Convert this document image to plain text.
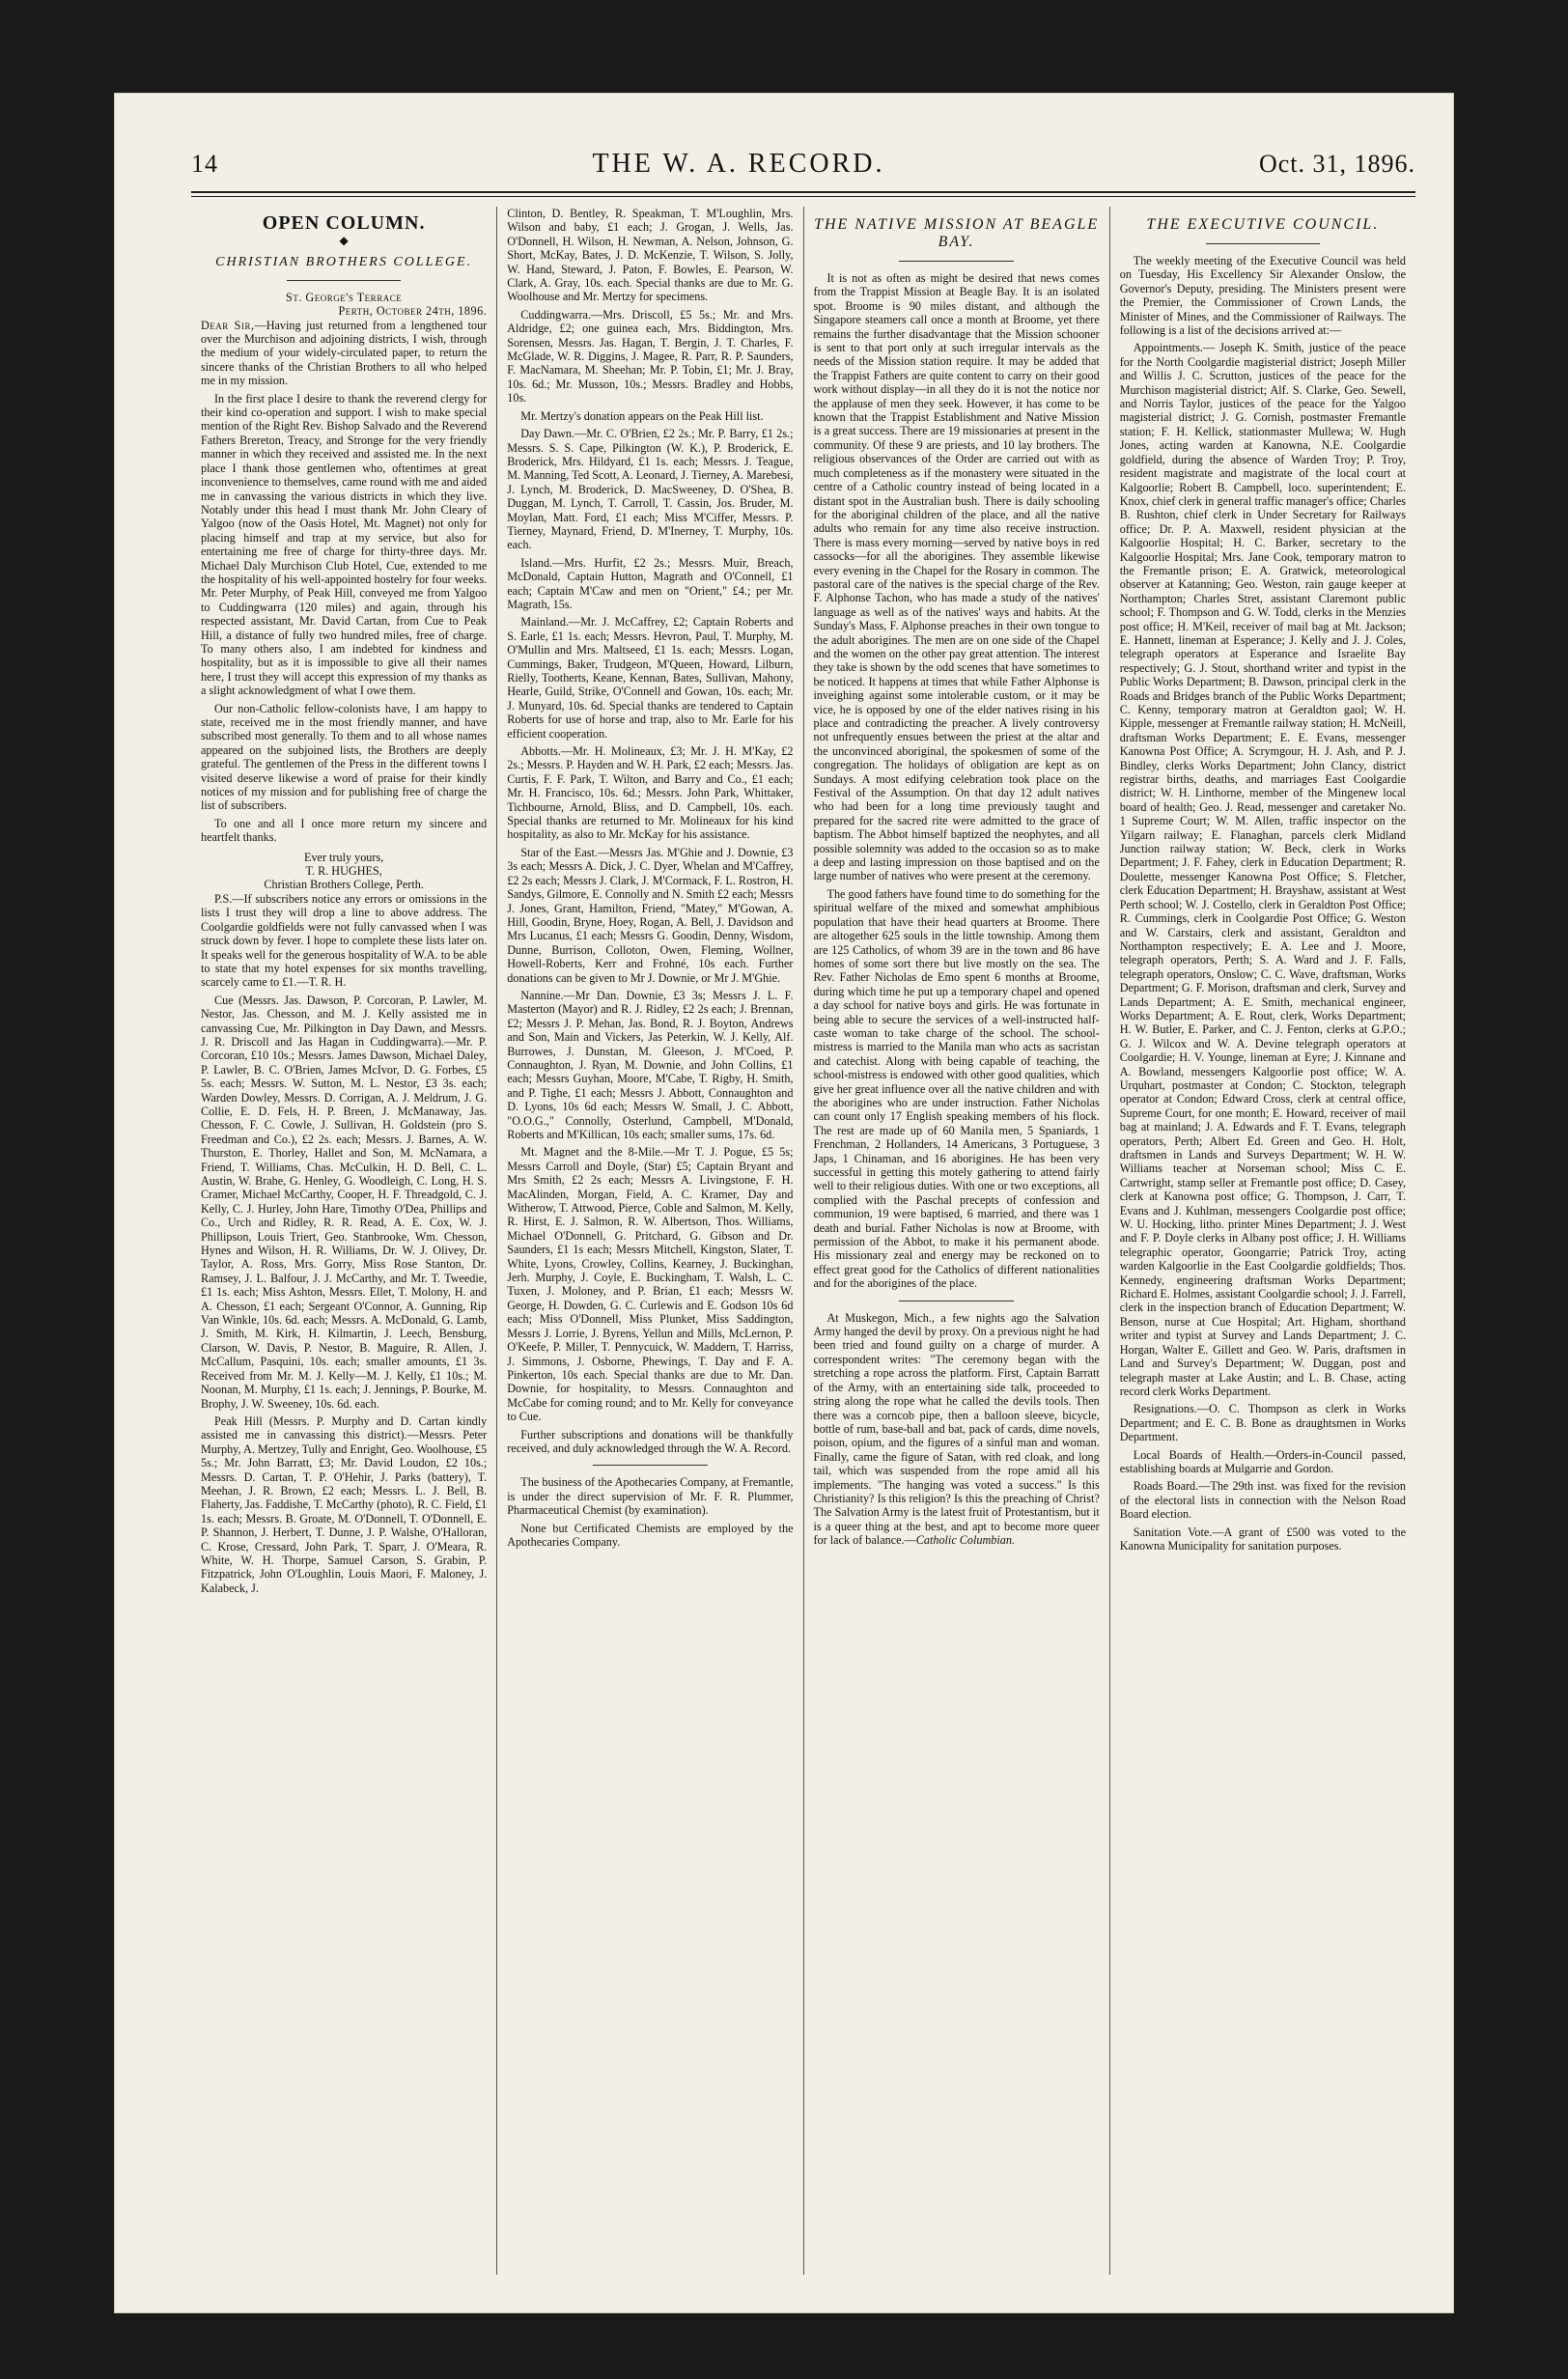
14	THE W. A. RECORD.	Oct. 31, 1896.
OPEN COLUMN.
◆
CHRISTIAN BROTHERS COLLEGE.
St. George's Terrace
Perth, October 24th, 1896.

Dear Sir,—Having just returned from a lengthened tour over the Murchison and adjoining districts, I wish, through the medium of your widely-circulated paper, to return the sincere thanks of the Christian Brothers to all who helped me in my mission.

In the first place I desire to thank the reverend clergy for their kind co-operation and support. I wish to make special mention of the Right Rev. Bishop Salvado and the Reverend Fathers Brereton, Treacy, and Stronge for the very friendly manner in which they received and assisted me. In the next place I thank those gentlemen who, oftentimes at great inconvenience to themselves, came round with me and aided me in canvassing the various districts in which they live. Notably under this head I must thank Mr. John Cleary of Yalgoo (now of the Oasis Hotel, Mt. Magnet) not only for placing himself and trap at my service, but also for entertaining me free of charge for thirty-three days. Mr. Michael Daly Murchison Club Hotel, Cue, extended to me the hospitality of his well-appointed hostelry for four weeks. Mr. Peter Murphy, of Peak Hill, conveyed me from Yalgoo to Cuddingwarra (120 miles) and again, through his respected assistant, Mr. David Cartan, from Cue to Peak Hill, a distance of fully two hundred miles, free of charge. To many others also, I am indebted for kindness and hospitality, but as it is impossible to give all their names here, I trust they will accept this expression of my thanks as a slight acknowledgment of what I owe them.

Our non-Catholic fellow-colonists have, I am happy to state, received me in the most friendly manner, and have subscribed most generally. To them and to all whose names appeared on the subjoined lists, the Brothers are deeply grateful. The gentlemen of the Press in the different towns I visited deserve likewise a word of praise for their kindly notices of my mission and for publishing free of charge the list of subscribers.

To one and all I once more return my sincere and heartfelt thanks.

Ever truly yours,
T. R. HUGHES,
Christian Brothers College, Perth.

P.S.—If subscribers notice any errors or omissions in the lists I trust they will drop a line to above address. The Coolgardie goldfields were not fully canvassed when I was struck down by fever. I hope to complete these lists later on. It speaks well for the generous hospitality of W.A. to be able to state that my hotel expenses for six months travelling, scarcely came to £1.—T. R. H.

Cue (Messrs. Jas. Dawson, P. Corcoran, P. Lawler, M. Nestor, Jas. Chesson, and M. J. Kelly assisted me in canvassing Cue, Mr. Pilkington in Day Dawn, and Messrs. J. R. Driscoll and Jas Hagan in Cuddingwarra).—Mr. P. Corcoran, £10 10s.; Messrs. James Dawson, Michael Daley, P. Lawler, B. C. O'Brien, James McIvor, D. G. Forbes, £5 5s. each; Messrs. W. Sutton, M. L. Nestor, £3 3s. each; Warden Dowley, Messrs. D. Corrigan, A. J. Meldrum, J. G. Collie, E. D. Fels, H. P. Breen, J. McManaway, Jas. Chesson, F. C. Cowle, J. Sullivan, H. Goldstein (pro S. Freedman and Co.), £2 2s. each; Messrs. J. Barnes, A. W. Thurston, E. Thorley, Hallet and Son, M. McNamara, a Friend, T. Williams, Chas. McCulkin, H. D. Bell, C. L. Austin, W. Brahe, G. Henley, G. Woodleigh, C. Long, H. S. Cramer, Michael McCarthy, Cooper, H. F. Threadgold, C. J. Kelly, C. J. Hurley, John Hare, Timothy O'Dea, Phillips and Co., Urch and Ridley, R. R. Read, A. E. Cox, W. J. Phillipson, Louis Triert, Geo. Stanbrooke, Wm. Chesson, Hynes and Wilson, H. R. Williams, Dr. W. J. Olivey, Dr. Taylor, A. Ross, Mrs. Gorry, Miss Rose Stanton, Dr. Ramsey, J. L. Balfour, J. J. McCarthy, and Mr. T. Tweedie, £1 1s. each; Miss Ashton, Messrs. Ellet, T. Molony, H. and A. Chesson, £1 each; Sergeant O'Connor, A. Gunning, Rip Van Winkle, 10s. 6d. each; Messrs. A. McDonald, G. Lamb, J. Smith, M. Kirk, H. Kilmartin, J. Leech, Bensburg, Clarson, W. Davis, P. Nestor, B. Maguire, R. Allen, J. McCallum, Pasquini, 10s. each; smaller amounts, £1 3s. Received from Mr. M. J. Kelly—M. J. Kelly, £1 10s.; M. Noonan, M. Murphy, £1 1s. each; J. Jennings, P. Bourke, M. Brophy, J. W. Sweeney, 10s. 6d. each.

Peak Hill (Messrs. P. Murphy and D. Cartan kindly assisted me in canvassing this district).—Messrs. Peter Murphy, A. Mertzey, Tully and Enright, Geo. Woolhouse, £5 5s.; Mr. John Barratt, £3; Mr. David Loudon, £2 10s.; Messrs. D. Cartan, T. P. O'Hehir, J. Parks (battery), T. Meehan, J. R. Brown, £2 each; Messrs. L. J. Bell, B. Flaherty, Jas. Faddishe, T. McCarthy (photo), R. C. Field, £1 1s. each; Messrs. B. Groate, M. O'Donnell, T. O'Donnell, E. P. Shannon, J. Herbert, T. Dunne, J. P. Walshe, O'Halloran, C. Krose, Cressard, John Park, T. Sparr, J. O'Meara, R. White, W. H. Thorpe, Samuel Carson, S. Grabin, P. Fitzpatrick, John O'Loughlin, Louis Maori, F. Maloney, J. Kalabeck, J.

Clinton, D. Bentley, R. Speakman, T. M'Loughlin, Mrs. Wilson and baby, £1 each; J. Grogan, J. Wells, Jas. O'Donnell, H. Wilson, H. Newman, A. Nelson, Johnson, G. Short, McKay, Bates, J. D. McKenzie, T. Wilson, S. Jolly, W. Hand, Steward, J. Paton, F. Bowles, E. Pearson, W. Clark, A. Gray, 10s. each. Special thanks are due to Mr. G. Woolhouse and Mr. Mertzy for specimens.

Cuddingwarra.—Mrs. Driscoll, £5 5s.; Mr. and Mrs. Aldridge, £2; one guinea each, Mrs. Biddington, Mrs. Sorensen, Messrs. Jas. Hagan, T. Bergin, J. T. Charles, F. McGlade, W. R. Diggins, J. Magee, R. Parr, R. P. Saunders, F. MacNamara, M. Sheehan; Mr. P. Tobin, £1; Mr. J. Bray, 10s. 6d.; Mr. Musson, 10s.; Messrs. Bradley and Hobbs, 10s.

Mr. Mertzy's donation appears on the Peak Hill list.

Day Dawn.—Mr. C. O'Brien, £2 2s.; Mr. P. Barry, £1 2s.; Messrs. S. S. Cape, Pilkington (W. K.), P. Broderick, E. Broderick, Mrs. Hildyard, £1 1s. each; Messrs. J. Teague, M. Manning, Ted Scott, A. Leonard, J. Tierney, A. Marebesi, J. Lynch, M. Broderick, D. MacSweeney, D. O'Shea, B. Duggan, M. Lynch, T. Carroll, T. Cassin, Jos. Bruder, M. Moylan, Matt. Ford, £1 each; Miss M'Ciffer, Messrs. P. Tierney, Maynard, Friend, D. M'Inerney, T. Murphy, 10s. each.

Island.—Mrs. Hurfit, £2 2s.; Messrs. Muir, Breach, McDonald, Captain Hutton, Magrath and O'Connell, £1 each; Captain M'Caw and men on "Orient," £4.; per Mr. Magrath, 15s.

Mainland.—Mr. J. McCaffrey, £2; Captain Roberts and S. Earle, £1 1s. each; Messrs. Hevron, Paul, T. Murphy, M. O'Mullin and Mrs. Maltseed, £1 1s. each; Messrs. Logan, Cummings, Baker, Trudgeon, M'Queen, Howard, Lilburn, Rielly, Tootherts, Keane, Kennan, Bates, Sullivan, Mahony, Hearle, Guild, Strike, O'Connell and Gowan, 10s. each; Mr. J. Munyard, 10s. 6d. Special thanks are tendered to Captain Roberts for use of horse and trap, also to Mr. Earle for his efficient cooperation.

Abbotts.—Mr. H. Molineaux, £3; Mr. J. H. M'Kay, £2 2s.; Messrs. P. Hayden and W. H. Park, £2 each; Messrs. Jas. Curtis, F. F. Park, T. Wilton, and Barry and Co., £1 each; Mr. H. Francisco, 10s. 6d.; Messrs. John Park, Whittaker, Tichbourne, Arnold, Bliss, and D. Campbell, 10s. each. Special thanks are returned to Mr. Molineaux for his kind hospitality, as also to Mr. McKay for his assistance.

Star of the East.—Messrs Jas. M'Ghie and J. Downie, £3 3s each; Messrs A. Dick, J. C. Dyer, Whelan and M'Caffrey, £2 2s each; Messrs J. Clark, J. M'Cormack, F. L. Rostron, H. Sandys, Gilmore, E. Connolly and N. Smith £2 each; Messrs J. Jones, Grant, Hamilton, Friend, "Matey," M'Gowan, A. Hill, Goodin, Bryne, Hoey, Rogan, A. Bell, J. Davidson and Mrs Lucanus, £1 each; Messrs G. Goodin, Denny, Wisdom, Dunne, Burrison, Colloton, Owen, Fleming, Wollner, Howell-Roberts, Kerr and Frohné, 10s each. Further donations can be given to Mr J. Downie, or Mr J. M'Ghie.

Nannine.—Mr Dan. Downie, £3 3s; Messrs J. L. F. Masterton (Mayor) and R. J. Ridley, £2 2s each; J. Brennan, £2; Messrs J. P. Mehan, Jas. Bond, R. J. Boyton, Andrews and Son, Main and Vickers, Jas Peterkin, W. J. Kelly, Alf. Burrowes, J. Dunstan, M. Gleeson, J. M'Coed, P. Connaughton, J. Ryan, M. Downie, and John Collins, £1 each; Messrs Guyhan, Moore, M'Cabe, T. Rigby, H. Smith, and P. Tighe, £1 each; Messrs J. Abbott, Connaughton and D. Lyons, 10s 6d each; Messrs W. Small, J. C. Abbott, "O.O.G.," Connolly, Osterlund, Campbell, M'Donald, Roberts and M'Killican, 10s each; smaller sums, 17s. 6d.

Mt. Magnet and the 8-Mile.—Mr T. J. Pogue, £5 5s; Messrs Carroll and Doyle, (Star) £5; Captain Bryant and Mrs Smith, £2 2s each; Messrs A. Livingstone, F. H. MacAlinden, Morgan, Field, A. C. Kramer, Day and Witherow, T. Attwood, Pierce, Coble and Salmon, M. Kelly, R. Hirst, E. J. Salmon, R. W. Albertson, Thos. Williams, Michael O'Donnell, G. Pritchard, G. Gibson and Dr. Saunders, £1 1s each; Messrs Mitchell, Kingston, Slater, T. White, Lyons, Crowley, Collins, Kearney, J. Buckinghan, Jerh. Murphy, J. Coyle, E. Buckingham, T. Walsh, L. C. Tuxen, J. Moloney, and P. Brian, £1 each; Messrs W. George, H. Dowden, G. C. Curlewis and E. Godson 10s 6d each; Miss O'Donnell, Miss Plunket, Miss Saddington, Messrs J. Lorrie, J. Byrens, Yellun and Mills, McLernon, P. O'Keefe, P. Miller, T. Pennycuick, W. Maddern, T. Harriss, J. Simmons, J. Osborne, Phewings, T. Day and F. A. Pinkerton, 10s each. Special thanks are due to Mr. Dan. Downie, for hospitality, to Messrs. Connaughton and McCabe for coming round; and to Mr. Kelly for conveyance to Cue.

Further subscriptions and donations will be thankfully received, and duly acknowledged through the W. A. Record.

The business of the Apothecaries Company, at Fremantle, is under the direct supervision of Mr. F. R. Plummer, Pharmaceutical Chemist (by examination).

None but Certificated Chemists are employed by the Apothecaries Company.

THE NATIVE MISSION AT BEAGLE BAY.

It is not as often as might be desired that news comes from the Trappist Mission at Beagle Bay. It is an isolated spot. Broome is 90 miles distant, and although the Singapore steamers call once a month at Broome, yet there remains the further disadvantage that the Mission schooner is sent to that port only at such irregular intervals as the needs of the Mission station require. It may be added that the Trappist Fathers are quite content to carry on their good work without display—in all they do it is not the notice nor the applause of men they seek. However, it has come to be known that the Trappist Establishment and Native Mission is a great success. There are 19 missionaries at present in the community. Of these 9 are priests, and 10 lay brothers. The religious observances of the Order are carried out with as much completeness as if the monastery were situated in the centre of a Catholic country instead of being located in a distant spot in the Australian bush. There is daily schooling for the aboriginal children of the place, and all the native adults who remain for any time also receive instruction. There is mass every morning—served by native boys in red cassocks—for all the aborigines. They assemble likewise every evening in the Chapel for the Rosary in common. The pastoral care of the natives is the special charge of the Rev. F. Alphonse Tachon, who has made a study of the natives' language as well as of the natives' ways and habits. At the Sunday's Mass, F. Alphonse preaches in their own tongue to the adult aborigines. The men are on one side of the Chapel and the women on the other pay great attention. The interest they take is shown by the odd scenes that have sometimes to be noticed. It happens at times that while Father Alphonse is inveighing against some intolerable custom, or it may be vice, he is opposed by one of the elder natives rising in his place and contradicting the preacher. A lively controversy not unfrequently ensues between the priest at the altar and the unconvinced aboriginal, the spokesmen of some of the congregation. The holidays of obligation are kept as on Sundays. A most edifying celebration took place on the Festival of the Assumption. On that day 12 adult natives who had been for a long time previously taught and prepared for the sacred rite were admitted to the grace of baptism. The Abbot himself baptized the neophytes, and all possible solemnity was added to the occasion so as to make a deep and lasting impression on those baptised and on the large number of natives who were present at the ceremony.

The good fathers have found time to do something for the spiritual welfare of the mixed and somewhat amphibious population that have their head quarters at Broome. There are altogether 625 souls in the little township. Among them are 125 Catholics, of whom 39 are in the town and 86 have homes of some sort there but live mostly on the sea. The Rev. Father Nicholas de Emo spent 6 months at Broome, during which time he put up a temporary chapel and opened a day school for native boys and girls. He was fortunate in being able to secure the services of a well-instructed half-caste woman to take charge of the school. The school-mistress is married to the Manila man who acts as sacristan and catechist. Along with being capable of teaching, the school-mistress is endowed with other good qualities, which give her great influence over all the native children and with the aborigines who are under instruction. Father Nicholas can count only 17 English speaking members of his flock. The rest are made up of 60 Manila men, 5 Spaniards, 1 Frenchman, 2 Hollanders, 14 Americans, 3 Portuguese, 3 Japs, 1 Chinaman, and 16 aborigines. He has been very successful in getting this motely gathering to attend fairly well to their religious duties. With one or two exceptions, all complied with the Paschal precepts of confession and communion, 19 were baptised, 6 married, and there was 1 death and burial. Father Nicholas is now at Broome, with permission of the Abbot, to make it his permanent abode. His missionary zeal and energy may be reckoned on to effect great good for the Catholics of different nationalities and for the aborigines of the place.

At Muskegon, Mich., a few nights ago the Salvation Army hanged the devil by proxy. On a previous night he had been tried and found guilty on a charge of murder. A correspondent writes: "The ceremony began with the stretching a rope across the platform. First, Captain Barratt of the Army, with an entertaining side talk, proceeded to string along the rope what he called the devils tools. Then there was a corncob pipe, then a balloon sleeve, bicycle, bottle of rum, base-ball and bat, pack of cards, dime novels, poison, opium, and the figures of a sinful man and woman. Finally, came the figure of Satan, with red cloak, and long tail, which was suspended from the rope amid all his implements. "The hanging was voted a success." Is this Christianity? Is this religion? Is this the preaching of Christ? The Salvation Army is the latest fruit of Protestantism, but it is a queer thing at the best, and apt to become more queer for lack of balance.—Catholic Columbian.

THE EXECUTIVE COUNCIL.

The weekly meeting of the Executive Council was held on Tuesday, His Excellency Sir Alexander Onslow, the Governor's Deputy, presiding. The Ministers present were the Premier, the Commissioner of Crown Lands, the Minister of Mines, and the Commissioner of Railways. The following is a list of the decisions arrived at:—

Appointments.— Joseph K. Smith, justice of the peace for the North Coolgardie magisterial district; Joseph Miller and Willis J. C. Scrutton, justices of the peace for the Murchison magisterial district; Alf. S. Clarke, Geo. Sewell, and Norris Taylor, justices of the peace for the Yalgoo magisterial district; J. G. Cornish, postmaster Fremantle station; F. H. Kellick, stationmaster Mullewa; W. Hugh Jones, acting warden at Kanowna, N.E. Coolgardie goldfield, during the absence of Warden Troy; P. Troy, resident magistrate and magistrate of the local court at Kalgoorlie; Robert B. Campbell, loco. superintendent; E. Knox, chief clerk in general traffic manager's office; Charles B. Rushton, chief clerk in Under Secretary for Railways office; Dr. P. A. Maxwell, resident physician at the Kalgoorlie Hospital; H. C. Barker, secretary to the Kalgoorlie Hospital; Mrs. Jane Cook, temporary matron to the Fremantle prison; E. A. Gratwick, meteorological observer at Katanning; Geo. Weston, rain gauge keeper at Northampton; Charles Stret, assistant Claremont public school; F. Thompson and G. W. Todd, clerks in the Menzies post office; H. M'Keil, receiver of mail bag at Mt. Jackson; E. Hannett, lineman at Esperance; J. Kelly and J. J. Coles, telegraph operators at Esperance and Israelite Bay respectively; G. J. Stout, shorthand writer and typist in the Public Works Department; B. Dawson, principal clerk in the Roads and Bridges branch of the Public Works Department; C. Kenny, temporary matron at Geraldton gaol; W. H. Kipple, messenger at Fremantle railway station; H. McNeill, draftsman Works Department; E. E. Evans, messenger Kanowna Post Office; A. Scrymgour, H. J. Ash, and P. J. Bindley, clerks Works Department; John Clancy, district registrar births, deaths, and marriages East Coolgardie district; W. H. Linthorne, member of the Mingenew local board of health; Geo. J. Read, messenger and caretaker No. 1 Supreme Court; W. M. Allen, traffic inspector on the Yilgarn railway; E. Flanaghan, parcels clerk Midland Junction railway station; W. Beck, clerk in Works Department; J. F. Fahey, clerk in Education Department; R. Doulette, messenger Kanowna Post Office; S. Fletcher, clerk Education Department; H. Brayshaw, assistant at West Perth school; W. J. Costello, clerk in Geraldton Post Office; R. Cummings, clerk in Coolgardie Post Office; G. Weston and W. Carstairs, clerk and assistant, Geraldton and Northampton respectively; E. A. Lee and J. Moore, telegraph operators, Perth; S. A. Ward and J. F. Falls, telegraph operators, Onslow; C. C. Wave, draftsman, Works Department; G. F. Morison, draftsman and clerk, Survey and Lands Department; A. E. Smith, mechanical engineer, Works Department; A. E. Rout, clerk, Works Department; H. W. Butler, E. Parker, and C. J. Fenton, clerks at G.P.O.; G. J. Wilcox and W. A. Devine telegraph operators at Coolgardie; H. V. Younge, lineman at Eyre; J. Kinnane and A. Bowland, messengers Kalgoorlie post office; W. A. Urquhart, postmaster at Condon; C. Stockton, telegraph operator at Condon; Edward Cross, clerk at central office, Supreme Court, for one month; E. Howard, receiver of mail bag at mainland; J. A. Edwards and F. T. Evans, telegraph operators, Perth; Albert Ed. Green and Geo. H. Holt, draftsmen in Lands and Surveys Department; W. H. W. Williams teacher at Norseman school; Miss C. E. Cartwright, stamp seller at Fremantle post office; D. Casey, clerk at Kanowna post office; G. Thompson, J. Carr, T. Evans and J. Kuhlman, messengers Coolgardie post office; W. U. Hocking, litho. printer Mines Department; J. J. West and F. P. Doyle clerks in Albany post office; J. H. Williams telegraphic operator, Goongarrie; Patrick Troy, acting warden Kalgoorlie in the East Coolgardie goldfields; Thos. Kennedy, engineering draftsman Works Department; Richard E. Holmes, assistant Coolgardie school; J. J. Farrell, clerk in the inspection branch of Education Department; W. Benson, nurse at Cue Hospital; Art. Higham, shorthand writer and typist at Survey and Lands Department; J. C. Horgan, Walter E. Gillett and Geo. W. Paris, draftsmen in Land and Survey's Department; W. Duggan, post and telegraph master at Lake Austin; and L. B. Chase, acting record clerk Works Department.

Resignations.—O. C. Thompson as clerk in Works Department; and E. C. B. Bone as draughtsmen in Works Department.

Local Boards of Health.—Orders-in-Council passed, establishing boards at Mulgarrie and Gordon.

Roads Board.—The 29th inst. was fixed for the revision of the electoral lists in connection with the Nelson Road Board election.

Sanitation Vote.—A grant of £500 was voted to the Kanowna Municipality for sanitation purposes.
